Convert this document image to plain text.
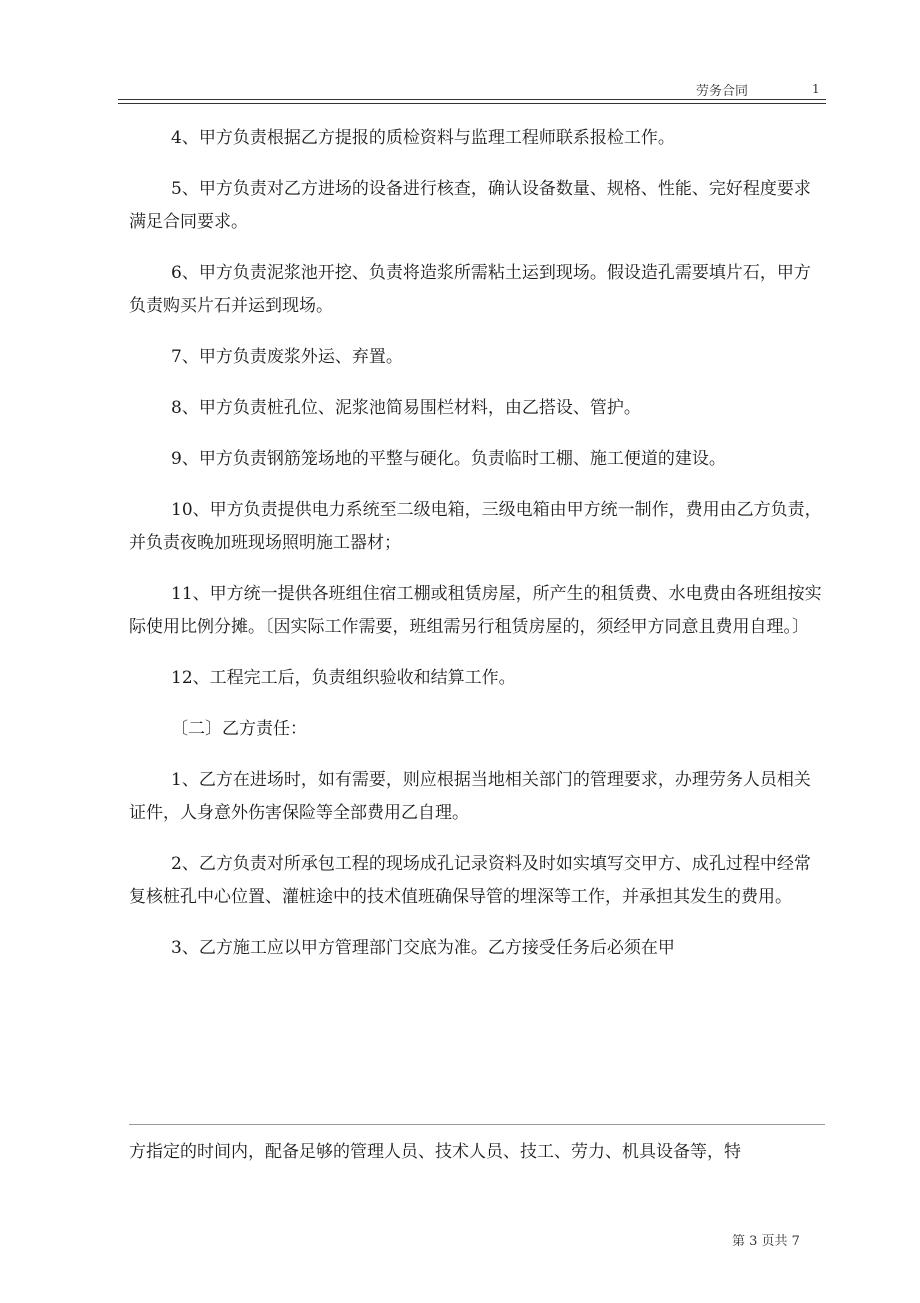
劳务合同	1

4、甲方负责根据乙方提报的质检资料与监理工程师联系报检工作。

5、甲方负责对乙方进场的设备进行核查，确认设备数量、规格、性能、完好程度要求满足合同要求。

6、甲方负责泥浆池开挖、负责将造浆所需粘土运到现场。假设造孔需要填片石，甲方负责购买片石并运到现场。

7、甲方负责废浆外运、弃置。

8、甲方负责桩孔位、泥浆池简易围栏材料，由乙搭设、管护。

9、甲方负责钢筋笼场地的平整与硬化。负责临时工棚、施工便道的建设。

10、甲方负责提供电力系统至二级电箱，三级电箱由甲方统一制作，费用由乙方负责，并负责夜晚加班现场照明施工器材；

11、甲方统一提供各班组住宿工棚或租赁房屋，所产生的租赁费、水电费由各班组按实际使用比例分摊。〔因实际工作需要，班组需另行租赁房屋的，须经甲方同意且费用自理。〕

12、工程完工后，负责组织验收和结算工作。

〔二〕乙方责任：

1、乙方在进场时，如有需要，则应根据当地相关部门的管理要求，办理劳务人员相关证件，人身意外伤害保险等全部费用乙自理。

2、乙方负责对所承包工程的现场成孔记录资料及时如实填写交甲方、成孔过程中经常复核桩孔中心位置、灌桩途中的技术值班确保导管的埋深等工作，并承担其发生的费用。

3、乙方施工应以甲方管理部门交底为准。乙方接受任务后必须在甲

方指定的时间内，配备足够的管理人员、技术人员、技工、劳力、机具设备等，特

第 3 页共 7
